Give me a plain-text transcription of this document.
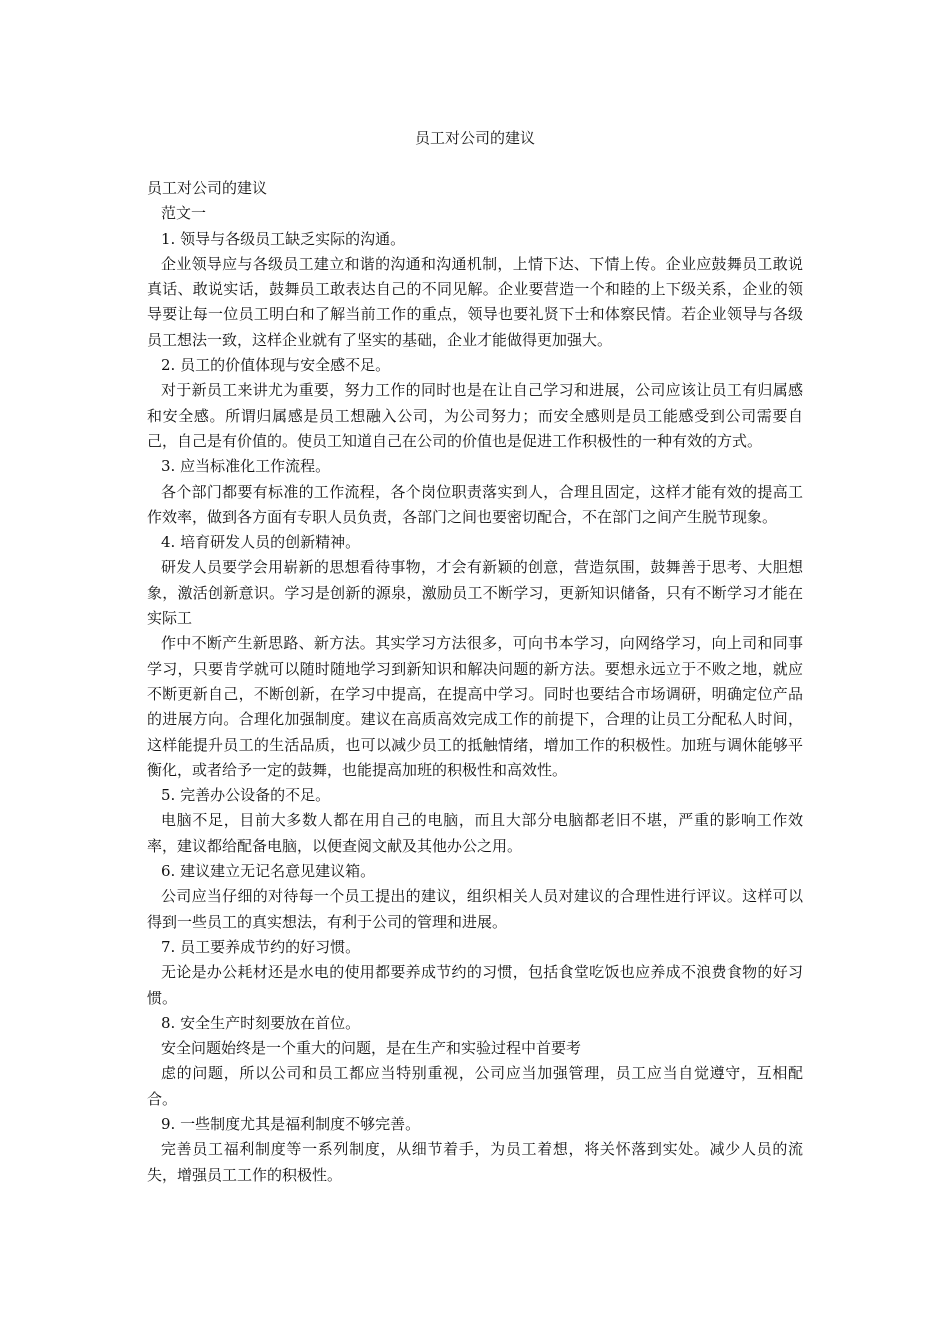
员工对公司的建议

员工对公司的建议

范文一

1. 领导与各级员工缺乏实际的沟通。

企业领导应与各级员工建立和谐的沟通和沟通机制，上情下达、下情上传。企业应鼓舞员工敢说真话、敢说实话，鼓舞员工敢表达自己的不同见解。企业要营造一个和睦的上下级关系，企业的领导要让每一位员工明白和了解当前工作的重点，领导也要礼贤下士和体察民情。若企业领导与各级员工想法一致，这样企业就有了坚实的基础，企业才能做得更加强大。

2. 员工的价值体现与安全感不足。

对于新员工来讲尤为重要，努力工作的同时也是在让自己学习和进展，公司应该让员工有归属感和安全感。所谓归属感是员工想融入公司，为公司努力；而安全感则是员工能感受到公司需要自己，自己是有价值的。使员工知道自己在公司的价值也是促进工作积极性的一种有效的方式。

3. 应当标准化工作流程。

各个部门都要有标准的工作流程，各个岗位职责落实到人，合理且固定，这样才能有效的提高工作效率，做到各方面有专职人员负责，各部门之间也要密切配合，不在部门之间产生脱节现象。

4. 培育研发人员的创新精神。

研发人员要学会用崭新的思想看待事物，才会有新颖的创意，营造氛围，鼓舞善于思考、大胆想象，激活创新意识。学习是创新的源泉，激励员工不断学习，更新知识储备，只有不断学习才能在实际工

作中不断产生新思路、新方法。其实学习方法很多，可向书本学习，向网络学习，向上司和同事学习，只要肯学就可以随时随地学习到新知识和解决问题的新方法。要想永远立于不败之地，就应不断更新自己，不断创新，在学习中提高，在提高中学习。同时也要结合市场调研，明确定位产品的进展方向。合理化加强制度。建议在高质高效完成工作的前提下，合理的让员工分配私人时间，这样能提升员工的生活品质，也可以减少员工的抵触情绪，增加工作的积极性。加班与调休能够平衡化，或者给予一定的鼓舞，也能提高加班的积极性和高效性。

5. 完善办公设备的不足。

电脑不足，目前大多数人都在用自己的电脑，而且大部分电脑都老旧不堪，严重的影响工作效率，建议都给配备电脑，以便查阅文献及其他办公之用。

6. 建议建立无记名意见建议箱。

公司应当仔细的对待每一个员工提出的建议，组织相关人员对建议的合理性进行评议。这样可以得到一些员工的真实想法，有利于公司的管理和进展。

7. 员工要养成节约的好习惯。

无论是办公耗材还是水电的使用都要养成节约的习惯，包括食堂吃饭也应养成不浪费食物的好习惯。

8. 安全生产时刻要放在首位。

安全问题始终是一个重大的问题，是在生产和实验过程中首要考

虑的问题，所以公司和员工都应当特别重视，公司应当加强管理，员工应当自觉遵守，互相配合。

9. 一些制度尤其是福利制度不够完善。

完善员工福利制度等一系列制度，从细节着手，为员工着想，将关怀落到实处。减少人员的流失，增强员工工作的积极性。
